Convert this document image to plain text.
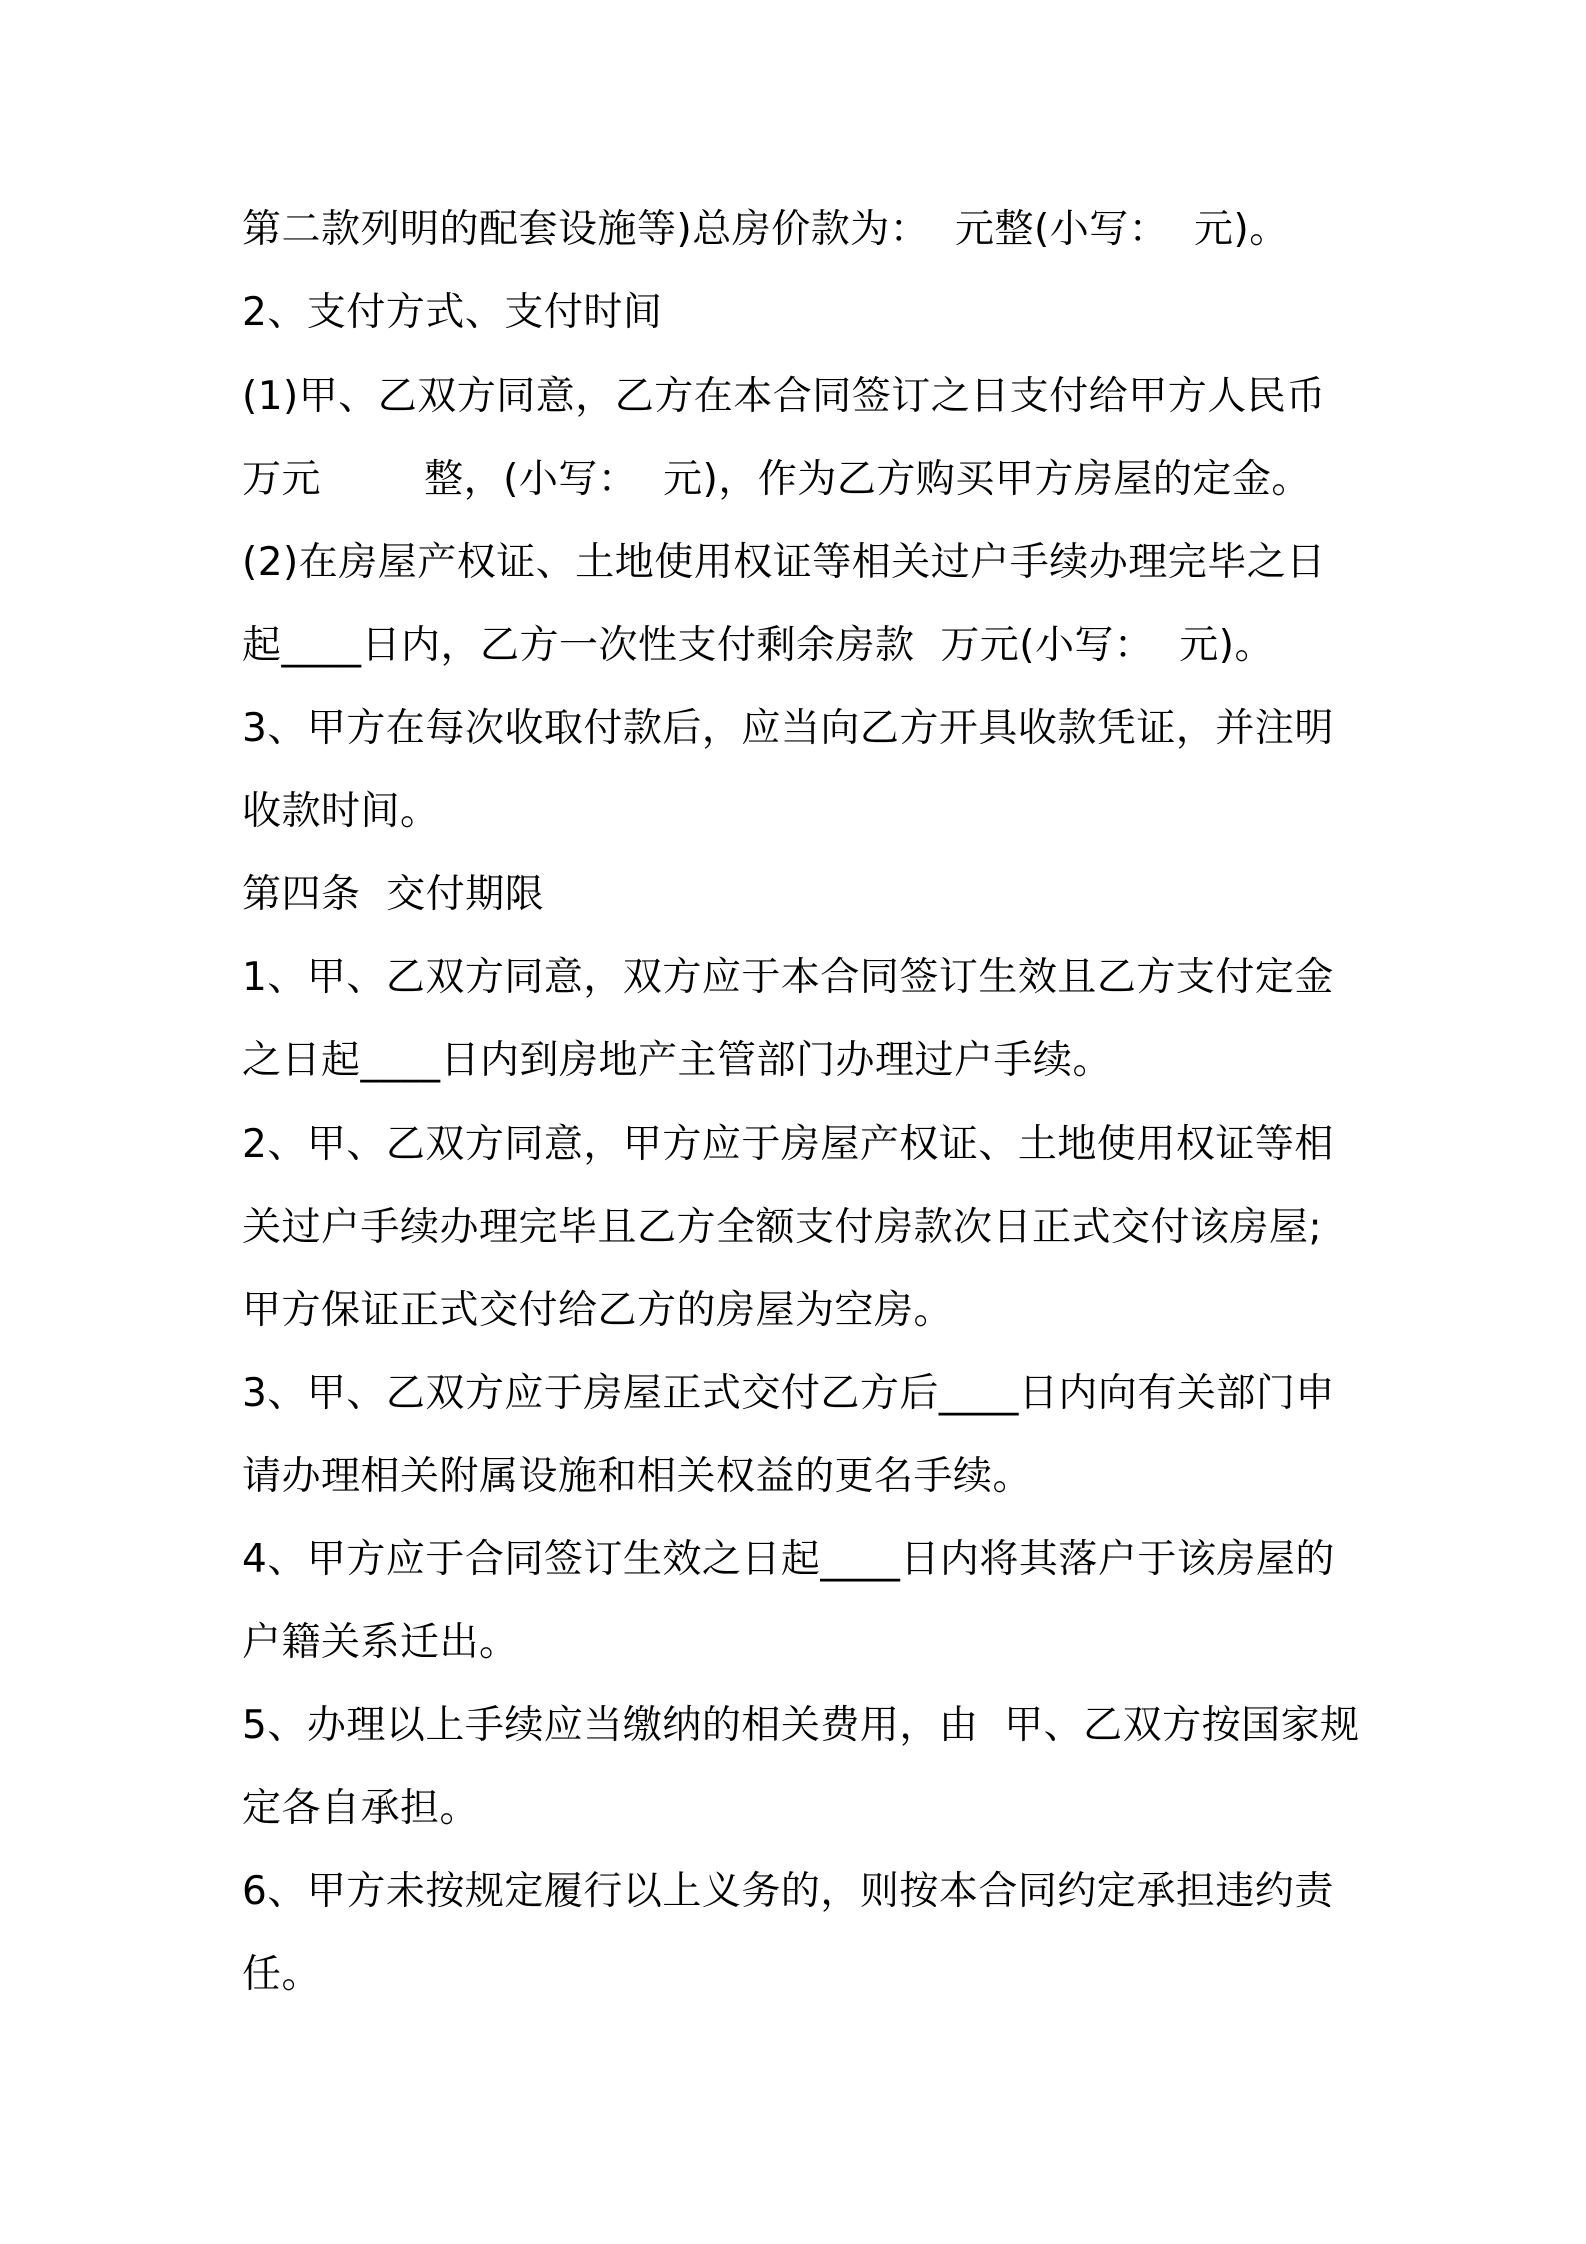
第二款列明的配套设施等)总房价款为：  元整(小写：  元)。
2、支付方式、支付时间
(1)甲、乙双方同意，乙方在本合同签订之日支付给甲方人民币
万元        整，(小写：  元)，作为乙方购买甲方房屋的定金。
(2)在房屋产权证、土地使用权证等相关过户手续办理完毕之日
起____日内，乙方一次性支付剩余房款  万元(小写：  元)。
3、甲方在每次收取付款后，应当向乙方开具收款凭证，并注明
收款时间。
第四条  交付期限
1、甲、乙双方同意，双方应于本合同签订生效且乙方支付定金
之日起____日内到房地产主管部门办理过户手续。
2、甲、乙双方同意，甲方应于房屋产权证、土地使用权证等相
关过户手续办理完毕且乙方全额支付房款次日正式交付该房屋;
甲方保证正式交付给乙方的房屋为空房。
3、甲、乙双方应于房屋正式交付乙方后____日内向有关部门申
请办理相关附属设施和相关权益的更名手续。
4、甲方应于合同签订生效之日起____日内将其落户于该房屋的
户籍关系迁出。
5、办理以上手续应当缴纳的相关费用，由  甲、乙双方按国家规
定各自承担。
6、甲方未按规定履行以上义务的，则按本合同约定承担违约责
任。
